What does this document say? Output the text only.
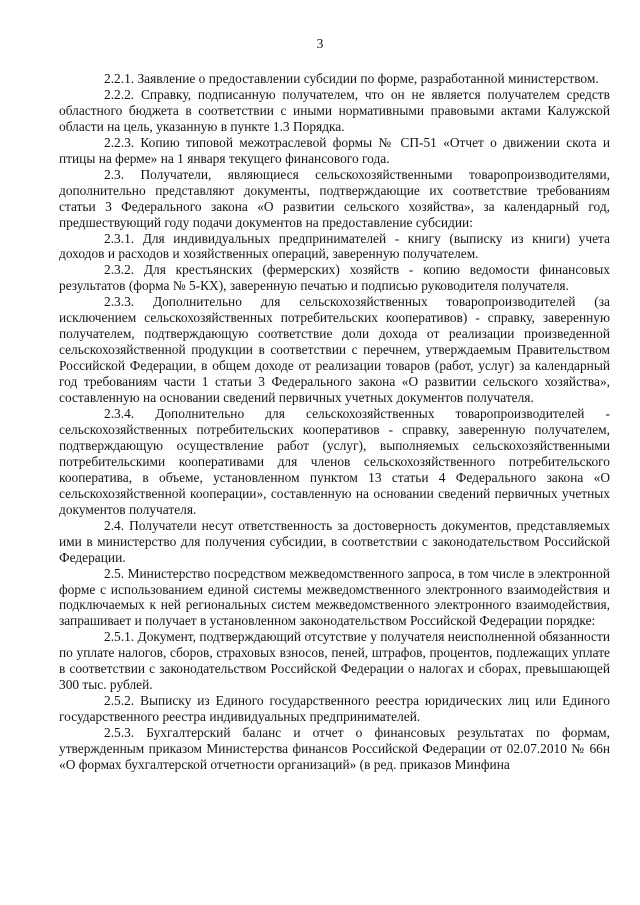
3

2.2.1. Заявление о предоставлении субсидии по форме, разработанной министерством.

2.2.2. Справку, подписанную получателем, что он не является получателем средств областного бюджета в соответствии с иными нормативными правовыми актами Калужской области на цель, указанную в пункте 1.3 Порядка.

2.2.3. Копию типовой межотраслевой формы № СП-51 «Отчет о движении скота и птицы на ферме» на 1 января текущего финансового года.

2.3. Получатели, являющиеся сельскохозяйственными товаропроизводителями, дополнительно представляют документы, подтверждающие их соответствие требованиям статьи 3 Федерального закона «О развитии сельского хозяйства», за календарный год, предшествующий году подачи документов на предоставление субсидии:

2.3.1. Для индивидуальных предпринимателей - книгу (выписку из книги) учета доходов и расходов и хозяйственных операций, заверенную получателем.

2.3.2. Для крестьянских (фермерских) хозяйств - копию ведомости финансовых результатов (форма № 5-КХ), заверенную печатью и подписью руководителя получателя.

2.3.3. Дополнительно для сельскохозяйственных товаропроизводителей (за исключением сельскохозяйственных потребительских кооперативов) - справку, заверенную получателем, подтверждающую соответствие доли дохода от реализации произведенной сельскохозяйственной продукции в соответствии с перечнем, утверждаемым Правительством Российской Федерации, в общем доходе от реализации товаров (работ, услуг) за календарный год требованиям части 1 статьи 3 Федерального закона «О развитии сельского хозяйства», составленную на основании сведений первичных учетных документов получателя.

2.3.4. Дополнительно для сельскохозяйственных товаропроизводителей - сельскохозяйственных потребительских кооперативов - справку, заверенную получателем, подтверждающую осуществление работ (услуг), выполняемых сельскохозяйственными потребительскими кооперативами для членов сельскохозяйственного потребительского кооператива, в объеме, установленном пунктом 13 статьи 4 Федерального закона «О сельскохозяйственной кооперации», составленную на основании сведений первичных учетных документов получателя.

2.4. Получатели несут ответственность за достоверность документов, представляемых ими в министерство для получения субсидии, в соответствии с законодательством Российской Федерации.

2.5. Министерство посредством межведомственного запроса, в том числе в электронной форме с использованием единой системы межведомственного электронного взаимодействия и подключаемых к ней региональных систем межведомственного электронного взаимодействия, запрашивает и получает в установленном законодательством Российской Федерации порядке:

2.5.1. Документ, подтверждающий отсутствие у получателя неисполненной обязанности по уплате налогов, сборов, страховых взносов, пеней, штрафов, процентов, подлежащих уплате в соответствии с законодательством Российской Федерации о налогах и сборах, превышающей 300 тыс. рублей.

2.5.2. Выписку из Единого государственного реестра юридических лиц или Единого государственного реестра индивидуальных предпринимателей.

2.5.3. Бухгалтерский баланс и отчет о финансовых результатах по формам, утвержденным приказом Министерства финансов Российской Федерации от 02.07.2010 № 66н «О формах бухгалтерской отчетности организаций» (в ред. приказов Минфина
